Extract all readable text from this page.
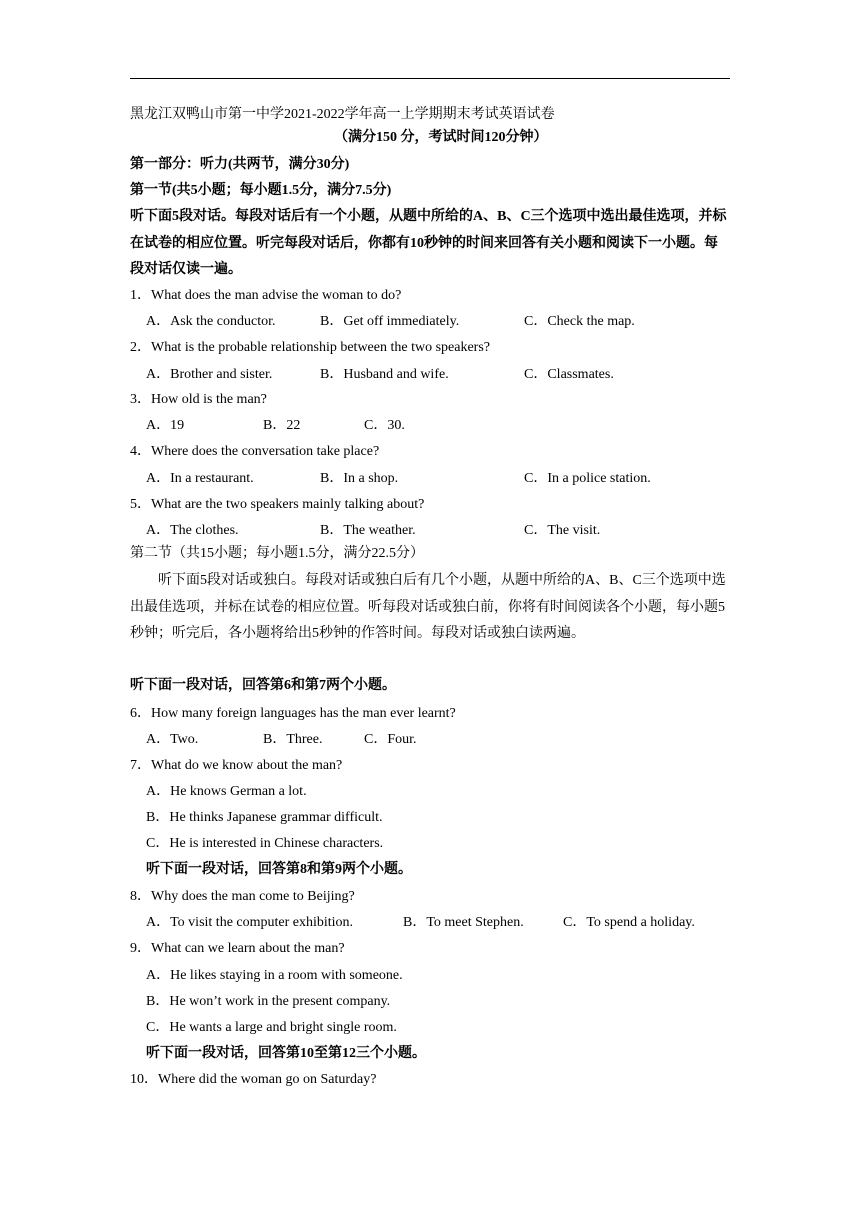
黑龙江双鸭山市第一中学2021-2022学年高一上学期期末考试英语试卷
（满分150 分，考试时间120分钟）
第一部分：听力(共两节，满分30分)
第一节(共5小题；每小题1.5分，满分7.5分)
听下面5段对话。每段对话后有一个小题，从题中所给的A、B、C三个选项中选出最佳选项，并标在试卷的相应位置。听完每段对话后，你都有10秒钟的时间来回答有关小题和阅读下一小题。每段对话仅读一遍。
1．What does the man advise the woman to do?
A．Ask the conductor.	B．Get off immediately.	C．Check the map.
2．What is the probable relationship between the two speakers?
A．Brother and sister.	B．Husband and wife.	C．Classmates.
3．How old is the man?
A．19	B．22	C．30.
4．Where does the conversation take place?
A．In a restaurant.	B．In a shop.	C．In a police station.
5．What are the two speakers mainly talking about?
A．The clothes.	B．The weather.	C．The visit.
第二节（共15小题；每小题1.5分，满分22.5分）
听下面5段对话或独白。每段对话或独白后有几个小题，从题中所给的A、B、C三个选项中选出最佳选项，并标在试卷的相应位置。听每段对话或独白前，你将有时间阅读各个小题，每小题5秒钟；听完后，各小题将给出5秒钟的作答时间。每段对话或独白读两遍。
听下面一段对话，回答第6和第7两个小题。
6．How many foreign languages has the man ever learnt?
A．Two.	B．Three.	C．Four.
7．What do we know about the man?
A．He knows German a lot.
B．He thinks Japanese grammar difficult.
C．He is interested in Chinese characters.
听下面一段对话，回答第8和第9两个小题。
8．Why does the man come to Beijing?
A．To visit the computer exhibition.	B．To meet Stephen.	C．To spend a holiday.
9．What can we learn about the man?
A．He likes staying in a room with someone.
B．He won’t work in the present company.
C．He wants a large and bright single room.
听下面一段对话，回答第10至第12三个小题。
10．Where did the woman go on Saturday?
